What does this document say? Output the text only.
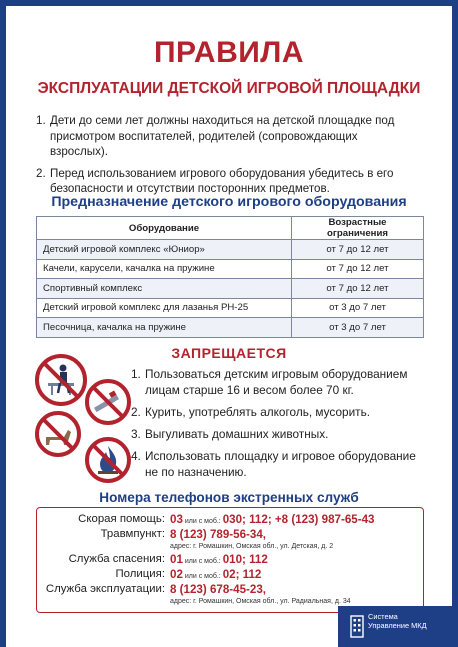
ПРАВИЛА
ЭКСПЛУАТАЦИИ ДЕТСКОЙ ИГРОВОЙ ПЛОЩАДКИ
1. Дети до семи лет должны находиться на детской площадке под присмотром воспитателей, родителей (сопровождающих взрослых).
2. Перед использованием игрового оборудования убедитесь в его безопасности и отсутствии посторонних предметов.
Предназначение детского игрового оборудования
Оборудование	Возрастные ограничения
Детский игровой комплекс «Юниор»	от 7 до 12 лет
Качели, карусели, качалка на пружине	от 7 до 12 лет
Спортивный комплекс	от 7 до 12 лет
Детский игровой комплекс для лазанья РН-25	от 3 до 7 лет
Песочница, качалка на пружине	от 3 до 7 лет
ЗАПРЕЩАЕТСЯ
1. Пользоваться детским игровым оборудованием лицам старше 16 и весом более 70 кг.
2. Курить, употреблять алкоголь, мусорить.
3. Выгуливать домашних животных.
4. Использовать площадку и игровое оборудование не по назначению.
Номера телефонов экстренных служб
Скорая помощь: 03 или с моб.: 030; 112; +8 (123) 987-65-43
Травмпункт: 8 (123) 789-56-34,
адрес: г. Ромашкин, Омская обл., ул. Детская, д. 2
Служба спасения: 01 или с моб.: 010; 112
Полиция: 02 или с моб.: 02; 112
Служба эксплуатации: 8 (123) 678-45-23,
адрес: г. Ромашкин, Омская обл., ул. Радиальная, д. 34
Система
Управление МКД
